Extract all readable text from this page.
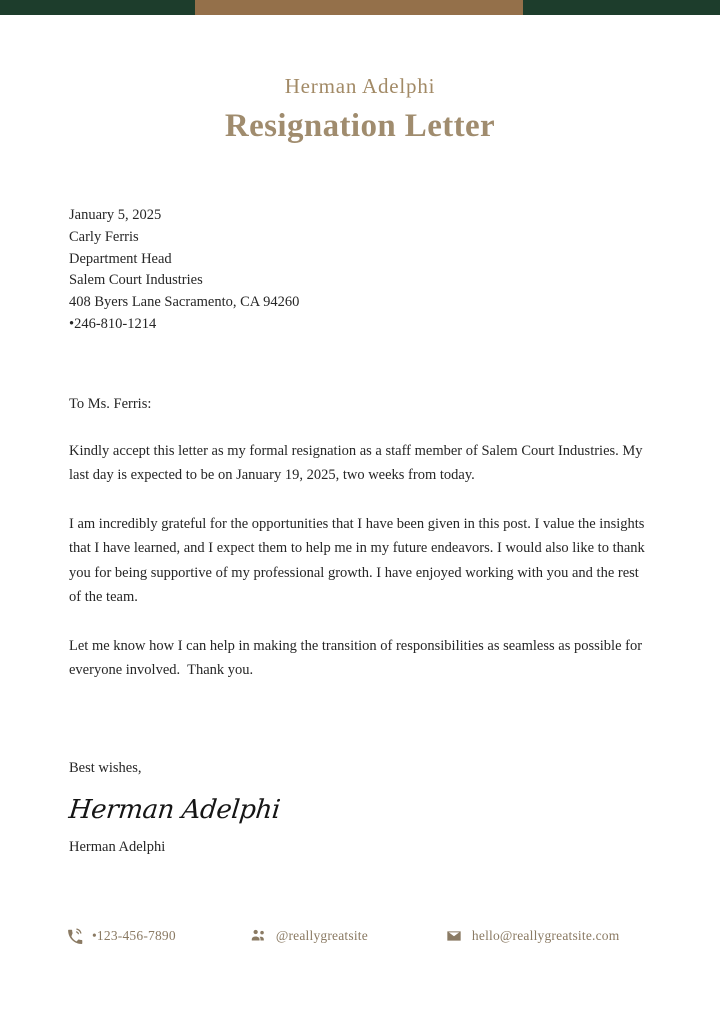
Herman Adelphi
Resignation Letter
January 5, 2025
Carly Ferris
Department Head
Salem Court Industries
408 Byers Lane Sacramento, CA 94260
•246-810-1214
To Ms. Ferris:

Kindly accept this letter as my formal resignation as a staff member of Salem Court Industries. My last day is expected to be on January 19, 2025, two weeks from today.

I am incredibly grateful for the opportunities that I have been given in this post. I value the insights that I have learned, and I expect them to help me in my future endeavors. I would also like to thank you for being supportive of my professional growth. I have enjoyed working with you and the rest of the team.

Let me know how I can help in making the transition of responsibilities as seamless as possible for everyone involved.  Thank you.

Best wishes,
Herman Adelphi
Herman Adelphi
•123-456-7890	@reallygreatsite	hello@reallygreatsite.com
